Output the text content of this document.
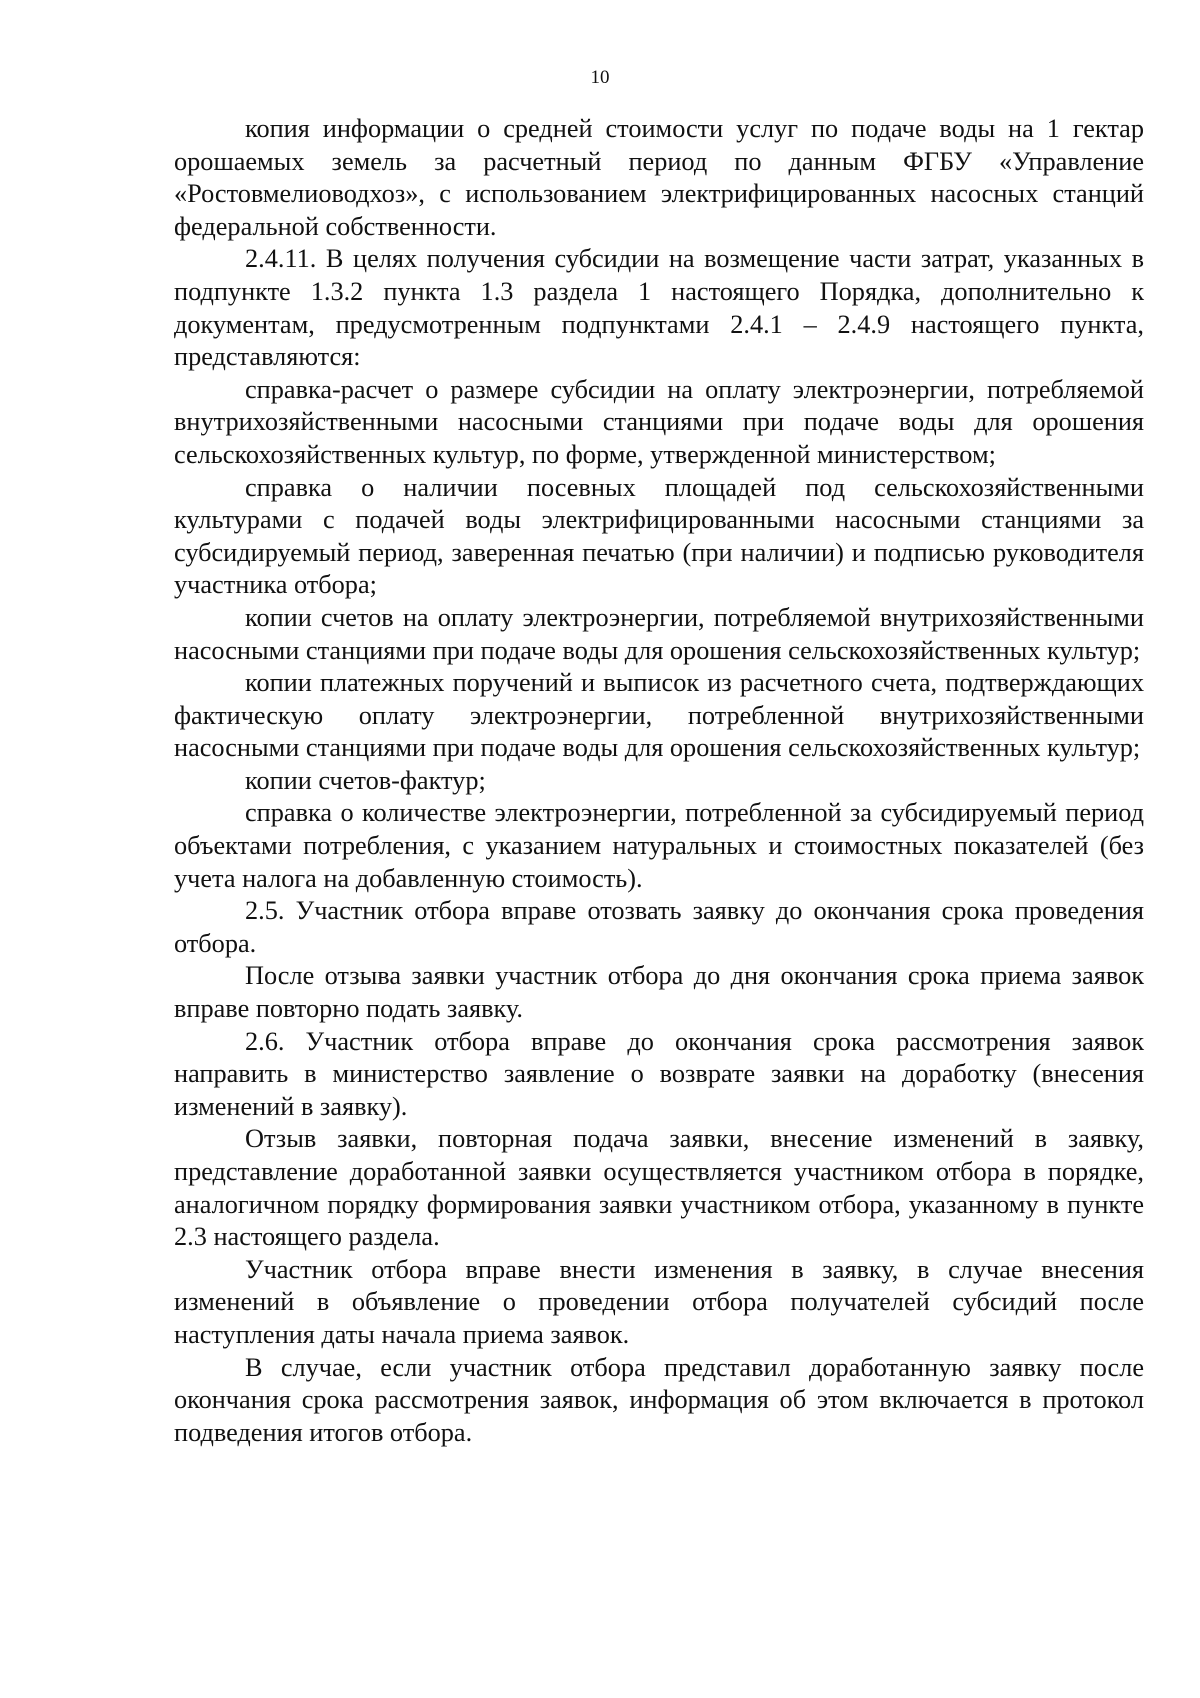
10

копия информации о средней стоимости услуг по подаче воды на 1 гектар орошаемых земель за расчетный период по данным ФГБУ «Управление «Ростовмелиоводхоз», с использованием электрифицированных насосных станций федеральной собственности.

2.4.11. В целях получения субсидии на возмещение части затрат, указанных в подпункте 1.3.2 пункта 1.3 раздела 1 настоящего Порядка, дополнительно к документам, предусмотренным подпунктами 2.4.1 – 2.4.9 настоящего пункта, представляются:

справка-расчет о размере субсидии на оплату электроэнергии, потребляемой внутрихозяйственными насосными станциями при подаче воды для орошения сельскохозяйственных культур, по форме, утвержденной министерством;

справка о наличии посевных площадей под сельскохозяйственными культурами с подачей воды электрифицированными насосными станциями за субсидируемый период, заверенная печатью (при наличии) и подписью руководителя участника отбора;

копии счетов на оплату электроэнергии, потребляемой внутрихозяйственными насосными станциями при подаче воды для орошения сельскохозяйственных культур;

копии платежных поручений и выписок из расчетного счета, подтверждающих фактическую оплату электроэнергии, потребленной внутрихозяйственными насосными станциями при подаче воды для орошения сельскохозяйственных культур;

копии счетов-фактур;

справка о количестве электроэнергии, потребленной за субсидируемый период объектами потребления, с указанием натуральных и стоимостных показателей (без учета налога на добавленную стоимость).

2.5. Участник отбора вправе отозвать заявку до окончания срока проведения отбора.

После отзыва заявки участник отбора до дня окончания срока приема заявок вправе повторно подать заявку.

2.6. Участник отбора вправе до окончания срока рассмотрения заявок направить в министерство заявление о возврате заявки на доработку (внесения изменений в заявку).

Отзыв заявки, повторная подача заявки, внесение изменений в заявку, представление доработанной заявки осуществляется участником отбора в порядке, аналогичном порядку формирования заявки участником отбора, указанному в пункте 2.3 настоящего раздела.

Участник отбора вправе внести изменения в заявку, в случае внесения изменений в объявление о проведении отбора получателей субсидий после наступления даты начала приема заявок.

В случае, если участник отбора представил доработанную заявку после окончания срока рассмотрения заявок, информация об этом включается в протокол подведения итогов отбора.
